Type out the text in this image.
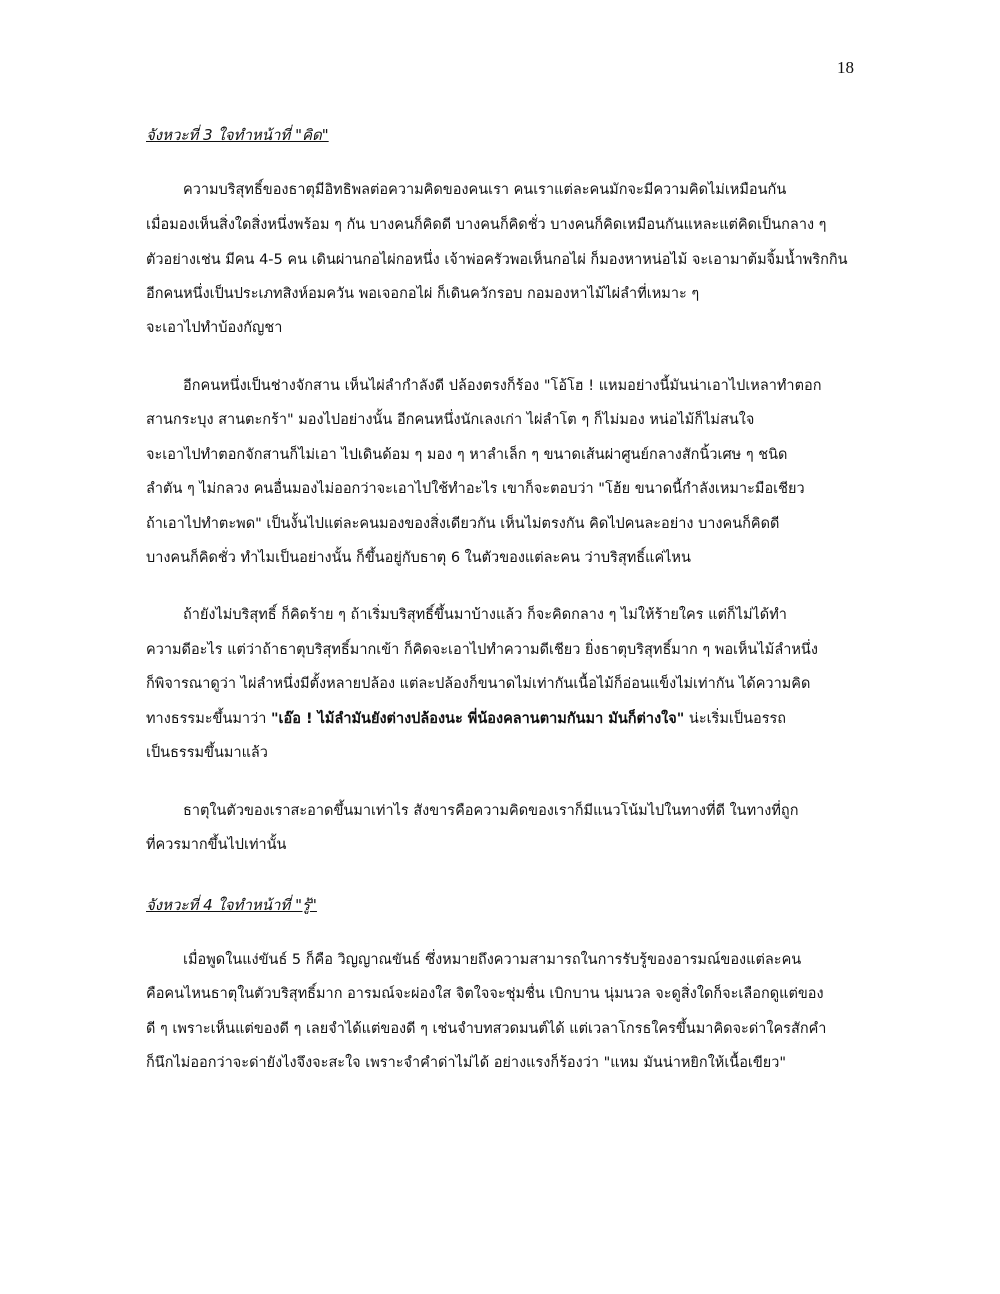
18
จังหวะที่ 3 ใจทำหน้าที่ "คิด"
ความบริสุทธิ์ของธาตุมีอิทธิพลต่อความคิดของคนเรา คนเราแต่ละคนมักจะมีความคิดไม่เหมือนกัน
เมื่อมองเห็นสิ่งใดสิ่งหนึ่งพร้อม ๆ กัน บางคนก็คิดดี บางคนก็คิดชั่ว บางคนก็คิดเหมือนกันแหละแต่คิดเป็นกลาง ๆ
ตัวอย่างเช่น มีคน 4-5 คน เดินผ่านกอไผ่กอหนึ่ง เจ้าพ่อครัวพอเห็นกอไผ่ ก็มองหาหน่อไม้ จะเอามาต้มจิ้มน้ำพริกกิน
อีกคนหนึ่งเป็นประเภทสิงห์อมควัน พอเจอกอไผ่ ก็เดินควักรอบ กอมองหาไม้ไผ่ลำที่เหมาะ ๆ
จะเอาไปทำบ้องกัญชา
อีกคนหนึ่งเป็นช่างจักสาน เห็นไผ่ลำกำลังดี ปล้องตรงก็ร้อง "โอ้โฮ ! แหมอย่างนี้มันน่าเอาไปเหลาทำตอก
สานกระบุง สานตะกร้า" มองไปอย่างนั้น อีกคนหนึ่งนักเลงเก่า ไผ่ลำโต ๆ ก็ไม่มอง หน่อไม้ก็ไม่สนใจ
จะเอาไปทำตอกจักสานก็ไม่เอา ไปเดินด้อม ๆ มอง ๆ หาลำเล็ก ๆ ขนาดเส้นผ่าศูนย์กลางสักนิ้วเศษ ๆ ชนิด
ลำตัน ๆ ไม่กลวง คนอื่นมองไม่ออกว่าจะเอาไปใช้ทำอะไร เขาก็จะตอบว่า "โฮ้ย ขนาดนี้กำลังเหมาะมือเชียว
ถ้าเอาไปทำตะพด" เป็นงั้นไปแต่ละคนมองของสิ่งเดียวกัน เห็นไม่ตรงกัน คิดไปคนละอย่าง บางคนก็คิดดี
บางคนก็คิดชั่ว ทำไมเป็นอย่างนั้น ก็ขึ้นอยู่กับธาตุ 6 ในตัวของแต่ละคน ว่าบริสุทธิ์แค่ไหน
ถ้ายังไม่บริสุทธิ์ ก็คิดร้าย ๆ ถ้าเริ่มบริสุทธิ์ขึ้นมาบ้างแล้ว ก็จะคิดกลาง ๆ ไม่ให้ร้ายใคร แต่ก็ไม่ได้ทำ
ความดีอะไร แต่ว่าถ้าธาตุบริสุทธิ์มากเข้า ก็คิดจะเอาไปทำความดีเชียว ยิ่งธาตุบริสุทธิ์มาก ๆ พอเห็นไม้ลำหนึ่ง
ก็พิจารณาดูว่า ไผ่ลำหนึ่งมีตั้งหลายปล้อง แต่ละปล้องก็ขนาดไม่เท่ากันเนื้อไม้ก็อ่อนแข็งไม่เท่ากัน ได้ความคิด
ทางธรรมะขึ้นมาว่า "เอ๊อ ! ไม้ลำมันยังต่างปล้องนะ พี่น้องคลานตามกันมา มันก็ต่างใจ" น่ะเริ่มเป็นอรรถ
เป็นธรรมขึ้นมาแล้ว
ธาตุในตัวของเราสะอาดขึ้นมาเท่าไร สังขารคือความคิดของเราก็มีแนวโน้มไปในทางที่ดี ในทางที่ถูก
ที่ควรมากขึ้นไปเท่านั้น
จังหวะที่ 4 ใจทำหน้าที่ "รู้"
เมื่อพูดในแง่ขันธ์ 5 ก็คือ วิญญาณขันธ์ ซึ่งหมายถึงความสามารถในการรับรู้ของอารมณ์ของแต่ละคน
คือคนไหนธาตุในตัวบริสุทธิ์มาก อารมณ์จะผ่องใส จิตใจจะชุ่มชื่น เบิกบาน นุ่มนวล จะดูสิ่งใดก็จะเลือกดูแต่ของ
ดี ๆ เพราะเห็นแต่ของดี ๆ เลยจำได้แต่ของดี ๆ เช่นจำบทสวดมนต์ได้ แต่เวลาโกรธใครขึ้นมาคิดจะด่าใครสักคำ
ก็นึกไม่ออกว่าจะด่ายังไงจึงจะสะใจ เพราะจำคำด่าไม่ได้ อย่างแรงก็ร้องว่า "แหม มันน่าหยิกให้เนื้อเขียว"
